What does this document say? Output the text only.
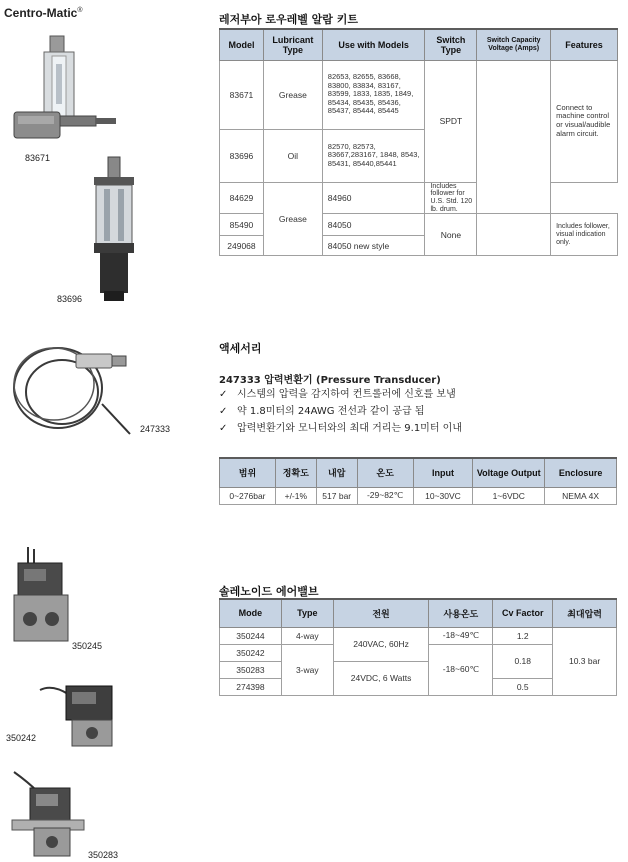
Centro-Matic®
83671
83696
247333
350245
350242
350283
레저부아 로우레벨 알람 키트
Model	Lubricant Type	Use with Models	Switch Type	Switch Capacity Voltage (Amps)	Features
83671	Grease	82653, 82655, 83668, 83800, 83834, 83167, 83599, 1833, 1835, 1849, 85434, 85435, 85436, 85437, 85444, 85445	SPDT		Connect to machine control or visual/audible alarm circuit.
83696	Oil	82570, 82573, 83667,283167, 1848, 8543, 85431, 85440,85441			
84629	Grease	84960	Includes follower for U.S. Std. 120 lb. drum.		
85490		84050	None		Includes follower, visual indication only.
249068		84050 new style			
액세서리
247333 압력변환기 (Pressure Transducer)
✓ 시스템의 압력을 감지하여 컨트롤러에 신호를 보냄
✓ 약 1.8미터의 24AWG 전선과 같이 공급 됨
✓ 압력변환기와 모니터와의 최대 거리는 9.1미터 이내
범위	정확도	내압	온도	Input	Voltage Output	Enclosure
0~276bar	+/-1%	517 bar	-29~82℃	10~30VC	1~6VDC	NEMA 4X
솔레노이드 에어밸브
Mode	Type	전원	사용온도	Cv Factor	최대압력
350244	4-way	240VAC, 60Hz	-18~49℃	1.2	10.3 bar
350242	3-way		-18~60℃	0.18	
350283		24VDC, 6 Watts			
274398				0.5	
